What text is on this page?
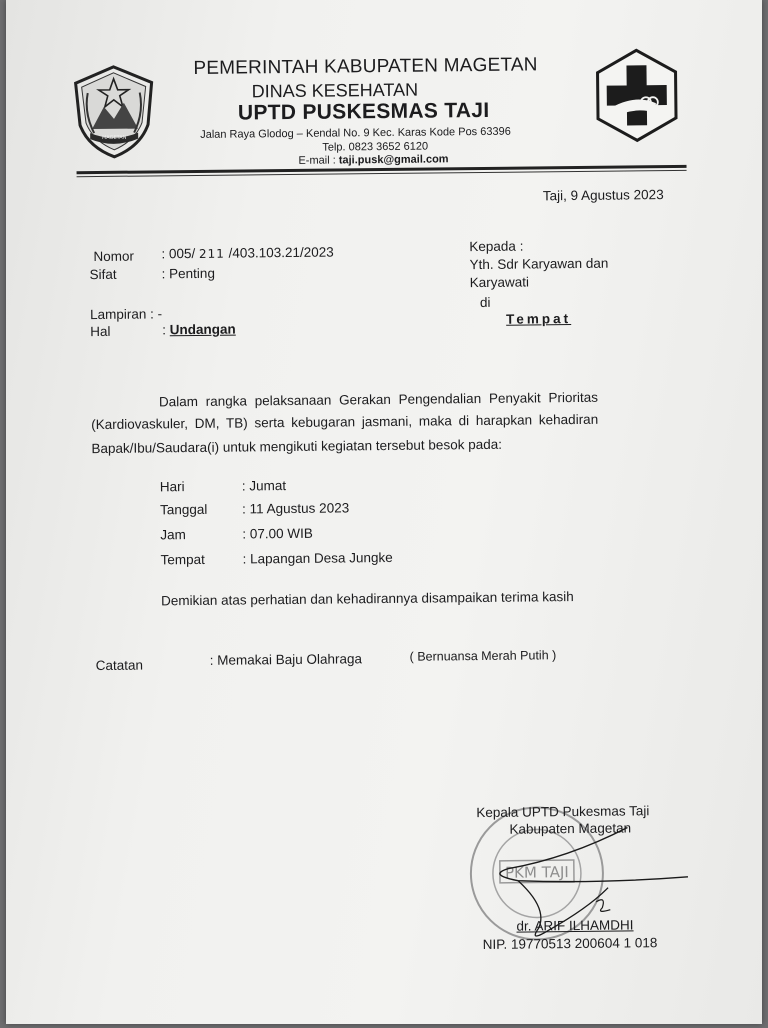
MAGETAN
PEMERINTAH KABUPATEN MAGETAN
DINAS KESEHATAN
UPTD PUSKESMAS TAJI
Jalan Raya Glodog – Kendal No. 9 Kec. Karas Kode Pos 63396
Telp. 0823 3652 6120
E-mail : taji.pusk@gmail.com
Taji, 9 Agustus 2023
Nomor : 005/ 211 /403.103.21/2023
Sifat	: Penting
Lampiran : -
Hal	: Undangan
Kepada :
Yth. Sdr Karyawan dan
Karyawati
di
Tempat
Dalam rangka pelaksanaan Gerakan Pengendalian Penyakit Prioritas
(Kardiovaskuler, DM, TB) serta kebugaran jasmani, maka di harapkan kehadiran
Bapak/Ibu/Saudara(i) untuk mengikuti kegiatan tersebut besok pada:
Hari	: Jumat
Tanggal	: 11 Agustus 2023
Jam	: 07.00 WIB
Tempat	: Lapangan Desa Jungke
Demikian atas perhatian dan kehadirannya disampaikan terima kasih
Catatan	: Memakai Baju Olahraga	( Bernuansa Merah Putih )
PKM TAJI
Kepala UPTD Pukesmas Taji
Kabupaten Magetan
dr. ARIF ILHAMDHI
NIP. 19770513 200604 1 018
